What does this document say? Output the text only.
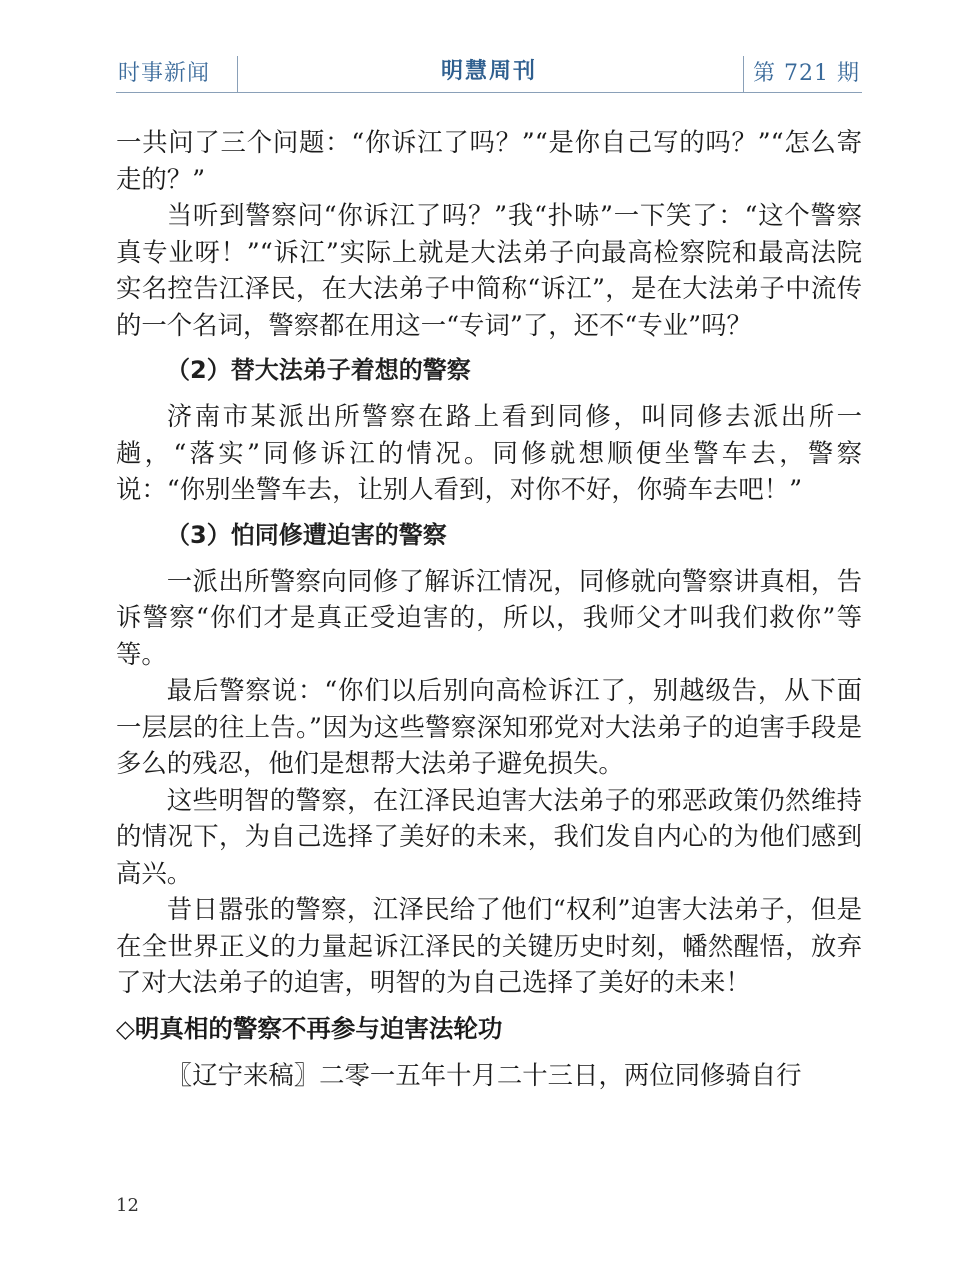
时事新闻	明慧周刊	第 721 期

一共问了三个问题：“你诉江了吗？”“是你自己写的吗？”“怎么寄走的？”

当听到警察问“你诉江了吗？”我“扑哧”一下笑了：“这个警察真专业呀！”“诉江”实际上就是大法弟子向最高检察院和最高法院实名控告江泽民，在大法弟子中简称“诉江”，是在大法弟子中流传的一个名词，警察都在用这一“专词”了，还不“专业”吗？

（2）替大法弟子着想的警察

济南市某派出所警察在路上看到同修，叫同修去派出所一趟，“落实”同修诉江的情况。同修就想顺便坐警车去，警察说：“你别坐警车去，让别人看到，对你不好，你骑车去吧！”

（3）怕同修遭迫害的警察

一派出所警察向同修了解诉江情况，同修就向警察讲真相，告诉警察“你们才是真正受迫害的，所以，我师父才叫我们救你”等等。

最后警察说：“你们以后别向高检诉江了，别越级告，从下面一层层的往上告。”因为这些警察深知邪党对大法弟子的迫害手段是多么的残忍，他们是想帮大法弟子避免损失。

这些明智的警察，在江泽民迫害大法弟子的邪恶政策仍然维持的情况下，为自己选择了美好的未来，我们发自内心的为他们感到高兴。

昔日嚣张的警察，江泽民给了他们“权利”迫害大法弟子，但是在全世界正义的力量起诉江泽民的关键历史时刻，幡然醒悟，放弃了对大法弟子的迫害，明智的为自己选择了美好的未来！

◇明真相的警察不再参与迫害法轮功

〖辽宁来稿〗二零一五年十月二十三日，两位同修骑自行

12
